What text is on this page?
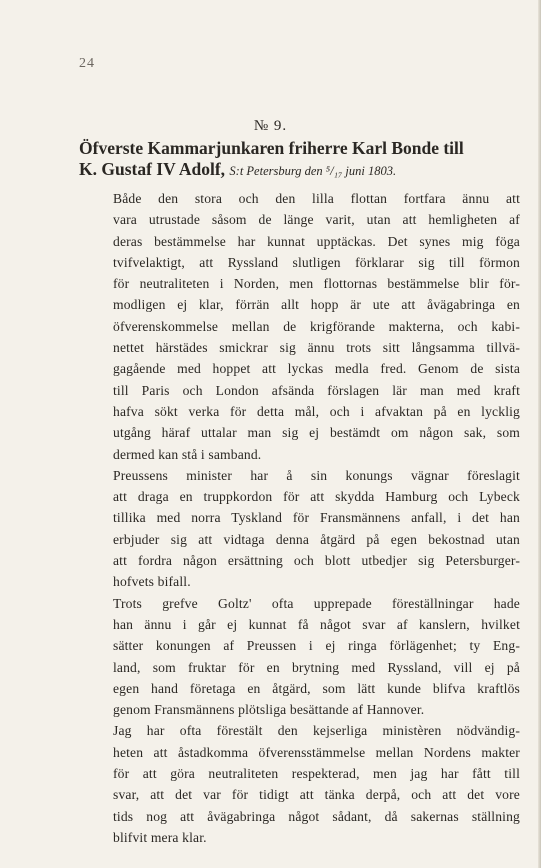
24
№ 9.
Öfverste Kammarjunkaren friherre Karl Bonde till
K. Gustaf IV Adolf, S:t Petersburg den ⁵/₁₇ juni 1803.

Både den stora och den lilla flottan fortfara ännu att
vara utrustade såsom de länge varit, utan att hemligheten af
deras bestämmelse har kunnat upptäckas. Det synes mig föga
tvifvelaktigt, att Ryssland slutligen förklarar sig till förmon
för neutraliteten i Norden, men flottornas bestämmelse blir för-
modligen ej klar, förrän allt hopp är ute att åvägabringa en
öfverenskommelse mellan de krigförande makterna, och kabi-
nettet härstädes smickrar sig ännu trots sitt långsamma tillvä-
gagående med hoppet att lyckas medla fred. Genom de sista
till Paris och London afsända förslagen lär man med kraft
hafva sökt verka för detta mål, och i afvaktan på en lycklig
utgång häraf uttalar man sig ej bestämdt om någon sak, som
dermed kan stå i samband.

Preussens minister har å sin konungs vägnar föreslagit
att draga en truppkordon för att skydda Hamburg och Lybeck
tillika med norra Tyskland för Fransmännens anfall, i det han
erbjuder sig att vidtaga denna åtgärd på egen bekostnad utan
att fordra någon ersättning och blott utbedjer sig Petersburger-
hofvets bifall.

Trots grefve Goltz' ofta upprepade föreställningar hade
han ännu i går ej kunnat få något svar af kanslern, hvilket
sätter konungen af Preussen i ej ringa förlägenhet; ty Eng-
land, som fruktar för en brytning med Ryssland, vill ej på
egen hand företaga en åtgärd, som lätt kunde blifva kraftlös
genom Fransmännens plötsliga besättande af Hannover.

Jag har ofta förestält den kejserliga ministèren nödvändig-
heten att åstadkomma öfverensstämmelse mellan Nordens makter
för att göra neutraliteten respekterad, men jag har fått till
svar, att det var för tidigt att tänka derpå, och att det vore
tids nog att åvägabringa något sådant, då sakernas ställning
blifvit mera klar.
